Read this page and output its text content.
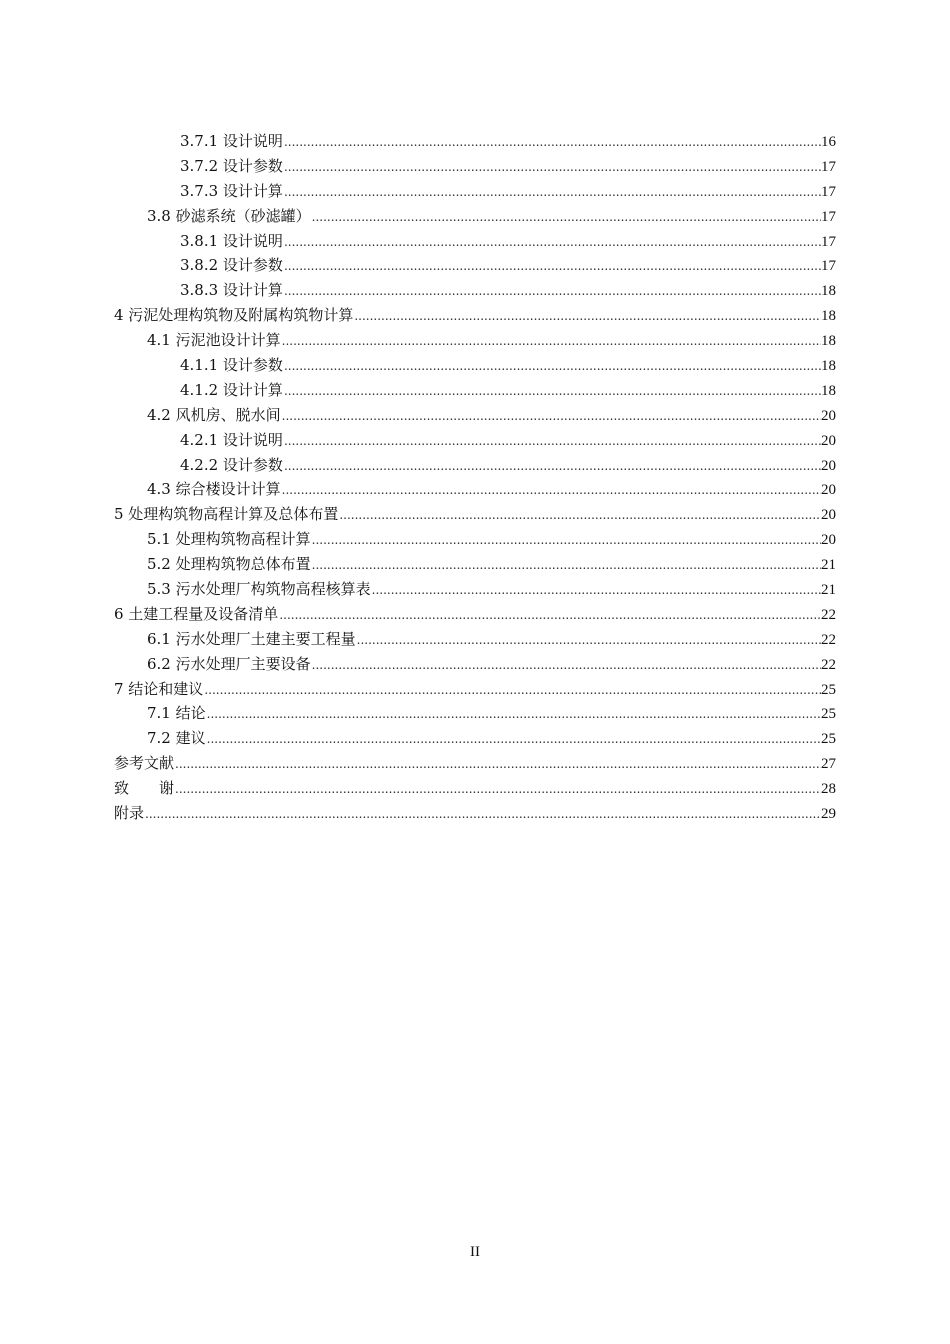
3.7.1 设计说明 .....	16
3.7.2 设计参数 .....	17
3.7.3 设计计算 .....	17
3.8 砂滤系统（砂滤罐） .....	17
3.8.1 设计说明 .....	17
3.8.2 设计参数 .....	17
3.8.3 设计计算 .....	18
4 污泥处理构筑物及附属构筑物计算 .....	18
4.1 污泥池设计计算 .....	18
4.1.1 设计参数 .....	18
4.1.2 设计计算 .....	18
4.2 风机房、脱水间 .....	20
4.2.1 设计说明 .....	20
4.2.2 设计参数 .....	20
4.3 综合楼设计计算 .....	20
5 处理构筑物高程计算及总体布置 .....	20
5.1 处理构筑物高程计算 .....	20
5.2 处理构筑物总体布置 .....	21
5.3 污水处理厂构筑物高程核算表 .....	21
6 土建工程量及设备清单 .....	22
6.1 污水处理厂土建主要工程量 .....	22
6.2 污水处理厂主要设备 .....	22
7 结论和建议 .....	25
7.1 结论 .....	25
7.2 建议 .....	25
参考文献 .....	27
致　　谢 .....	28
附录 .....	29
II
